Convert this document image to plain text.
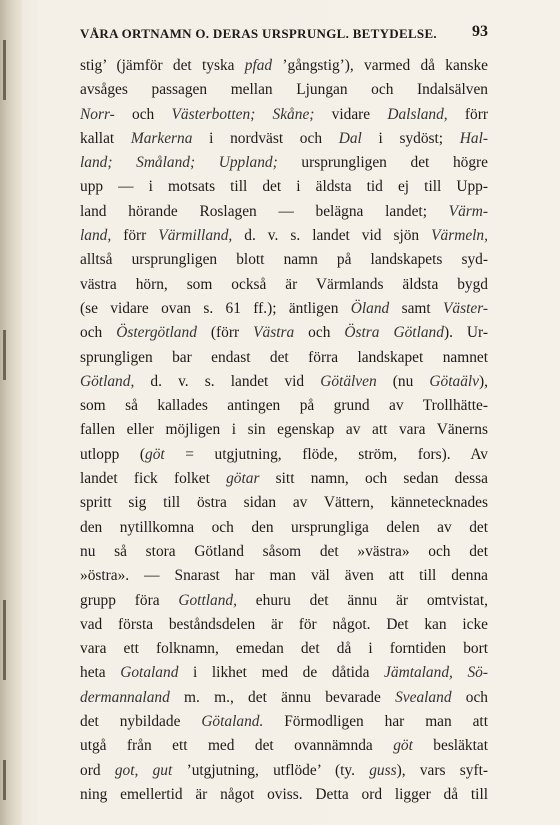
VÅRA ORTNAMN O. DERAS URSPRUNGL. BETYDELSE.	93
stig’ (jämför det tyska pfad ’gångstig’), varmed då kanske
avsåges passagen mellan Ljungan och Indalsälven
Norr- och Västerbotten; Skåne; vidare Dalsland, förr
kallat Markerna i nordväst och Dal i sydöst; Hal-
land; Småland; Uppland; ursprungligen det högre
upp — i motsats till det i äldsta tid ej till Upp-
land hörande Roslagen — belägna landet; Värm-
land, förr Värmilland, d. v. s. landet vid sjön Värmeln,
alltså ursprungligen blott namn på landskapets syd-
västra hörn, som också är Värmlands äldsta bygd
(se vidare ovan s. 61 ff.); äntligen Öland samt Väster-
och Östergötland (förr Västra och Östra Götland). Ur-
sprungligen bar endast det förra landskapet namnet
Götland, d. v. s. landet vid Götälven (nu Götaälv),
som så kallades antingen på grund av Trollhätte-
fallen eller möjligen i sin egenskap av att vara Vänerns
utlopp (göt = utgjutning, flöde, ström, fors). Av
landet fick folket götar sitt namn, och sedan dessa
spritt sig till östra sidan av Vättern, kännetecknades
den nytillkomna och den ursprungliga delen av det
nu så stora Götland såsom det »västra» och det
»östra». — Snarast har man väl även att till denna
grupp föra Gottland, ehuru det ännu är omtvistat,
vad första beståndsdelen är för något. Det kan icke
vara ett folknamn, emedan det då i forntiden bort
heta Gotaland i likhet med de dåtida Jämtaland, Sö-
dermannaland m. m., det ännu bevarade Svealand och
det nybildade Götaland. Förmodligen har man att
utgå från ett med det ovannämnda göt besläktat
ord got, gut ’utgjutning, utflöde’ (ty. guss), vars syft-
ning emellertid är något oviss. Detta ord ligger då till
